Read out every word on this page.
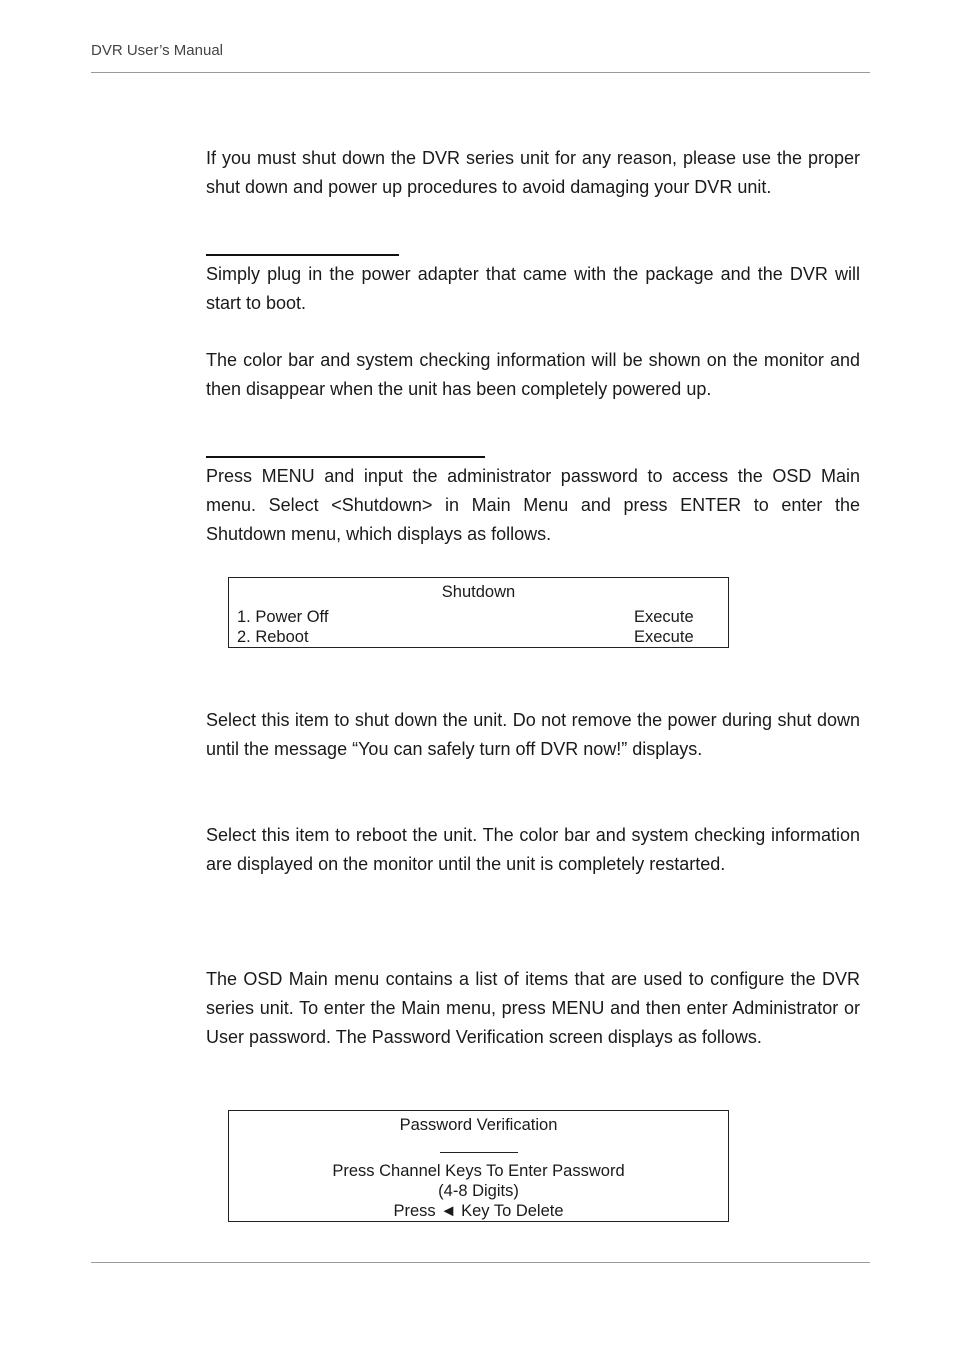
DVR User’s Manual
If you must shut down the DVR series unit for any reason, please use the proper shut down and power up procedures to avoid damaging your DVR unit.
Simply plug in the power adapter that came with the package and the DVR will start to boot.
The color bar and system checking information will be shown on the monitor and then disappear when the unit has been completely powered up.
Press MENU and input the administrator password to access the OSD Main menu. Select <Shutdown> in Main Menu and press ENTER to enter the Shutdown menu, which displays as follows.
Shutdown
1. Power Off	Execute
2. Reboot	Execute
Select this item to shut down the unit. Do not remove the power during shut down until the message “You can safely turn off DVR now!” displays.
Select this item to reboot the unit. The color bar and system checking information are displayed on the monitor until the unit is completely restarted.
The OSD Main menu contains a list of items that are used to configure the DVR series unit. To enter the Main menu, press MENU and then enter Administrator or User password. The Password Verification screen displays as follows.
Password Verification
Press Channel Keys To Enter Password
(4-8 Digits)
Press ◄ Key To Delete
